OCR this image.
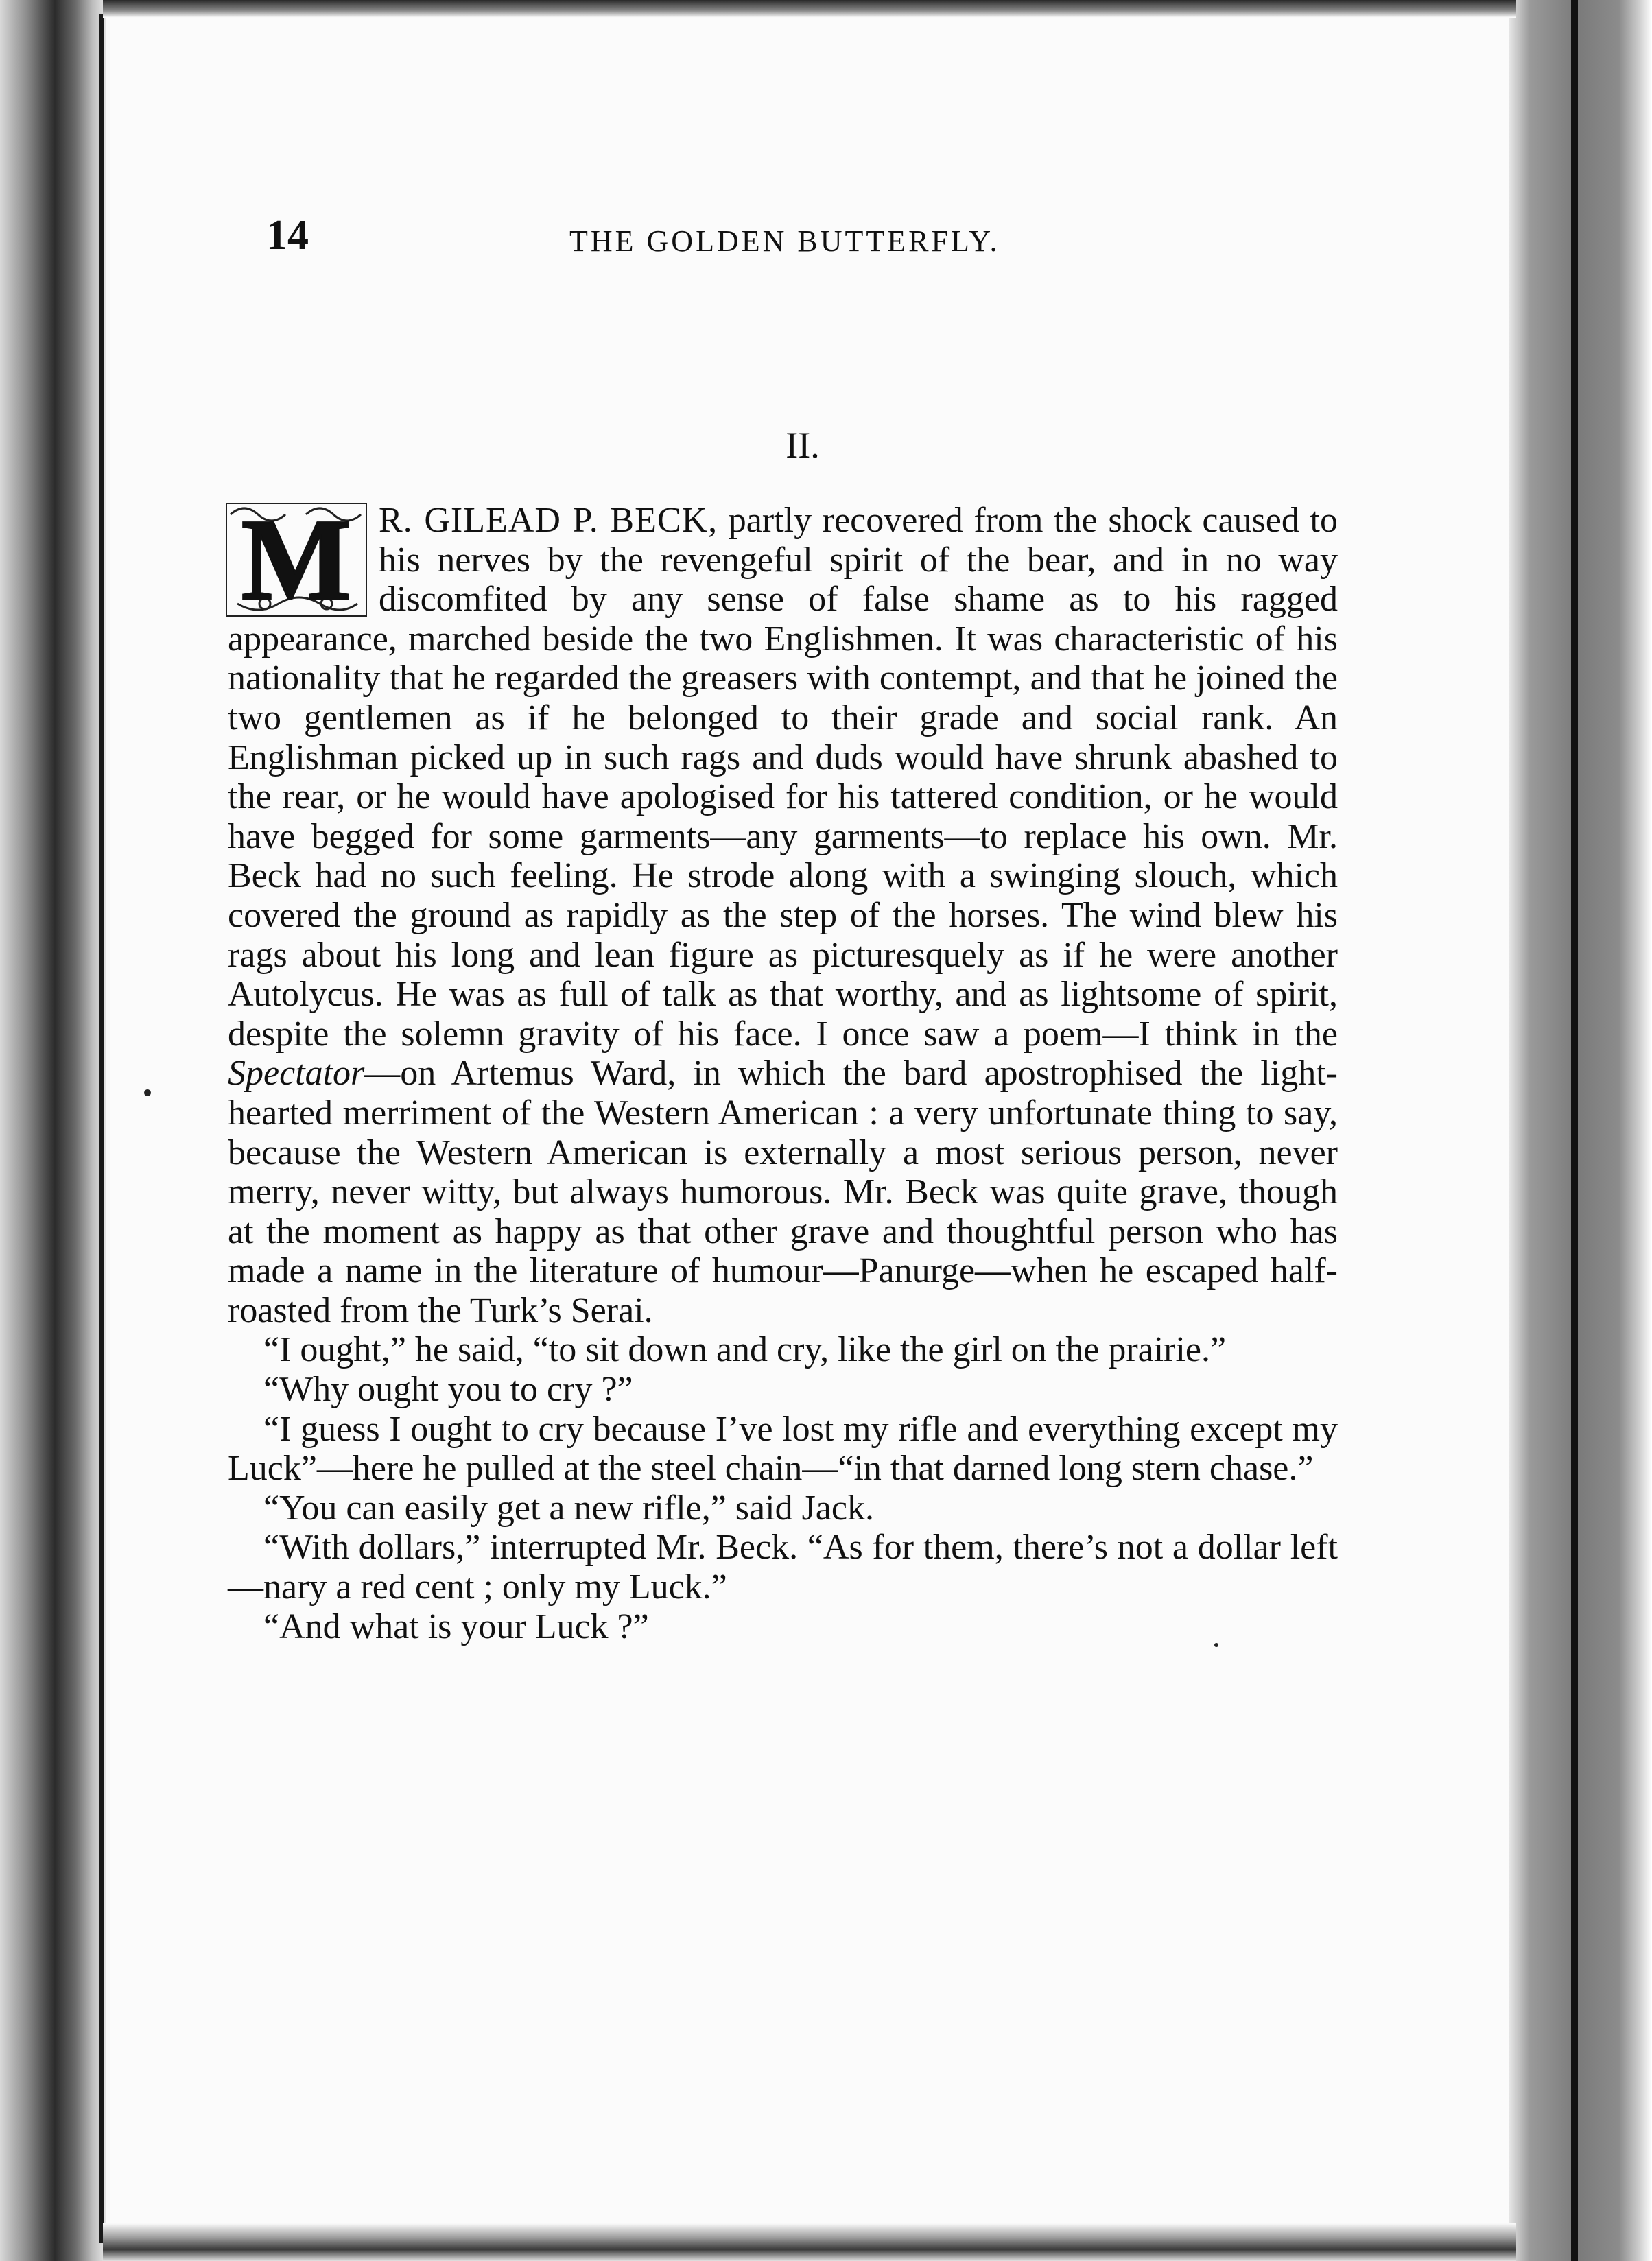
14	THE GOLDEN BUTTERFLY.
II.

M R. GILEAD P. BECK, partly recovered from the shock caused to his nerves by the revengeful spirit of the bear, and in no way discomfited by any sense of false shame as to his ragged appearance, marched beside the two Englishmen. It was characteristic of his nationality that he regarded the greasers with contempt, and that he joined the two gentlemen as if he belonged to their grade and social rank. An Englishman picked up in such rags and duds would have shrunk abashed to the rear, or he would have apologised for his tattered condition, or he would have begged for some garments—any garments—to replace his own. Mr. Beck had no such feeling. He strode along with a swinging slouch, which covered the ground as rapidly as the step of the horses. The wind blew his rags about his long and lean figure as picturesquely as if he were another Autolycus. He was as full of talk as that worthy, and as lightsome of spirit, despite the solemn gravity of his face. I once saw a poem—I think in the Spectator—on Artemus Ward, in which the bard apostrophised the light-hearted merriment of the Western American : a very unfortunate thing to say, because the Western American is externally a most serious person, never merry, never witty, but always humorous. Mr. Beck was quite grave, though at the moment as happy as that other grave and thoughtful person who has made a name in the literature of humour—Panurge—when he escaped half-roasted from the Turk’s Serai.

“I ought,” he said, “to sit down and cry, like the girl on the prairie.”

“Why ought you to cry ?”

“I guess I ought to cry because I’ve lost my rifle and everything except my Luck”—here he pulled at the steel chain—“in that darned long stern chase.”

“You can easily get a new rifle,” said Jack.

“With dollars,” interrupted Mr. Beck. “As for them, there’s not a dollar left—nary a red cent ; only my Luck.”

“And what is your Luck ?”
